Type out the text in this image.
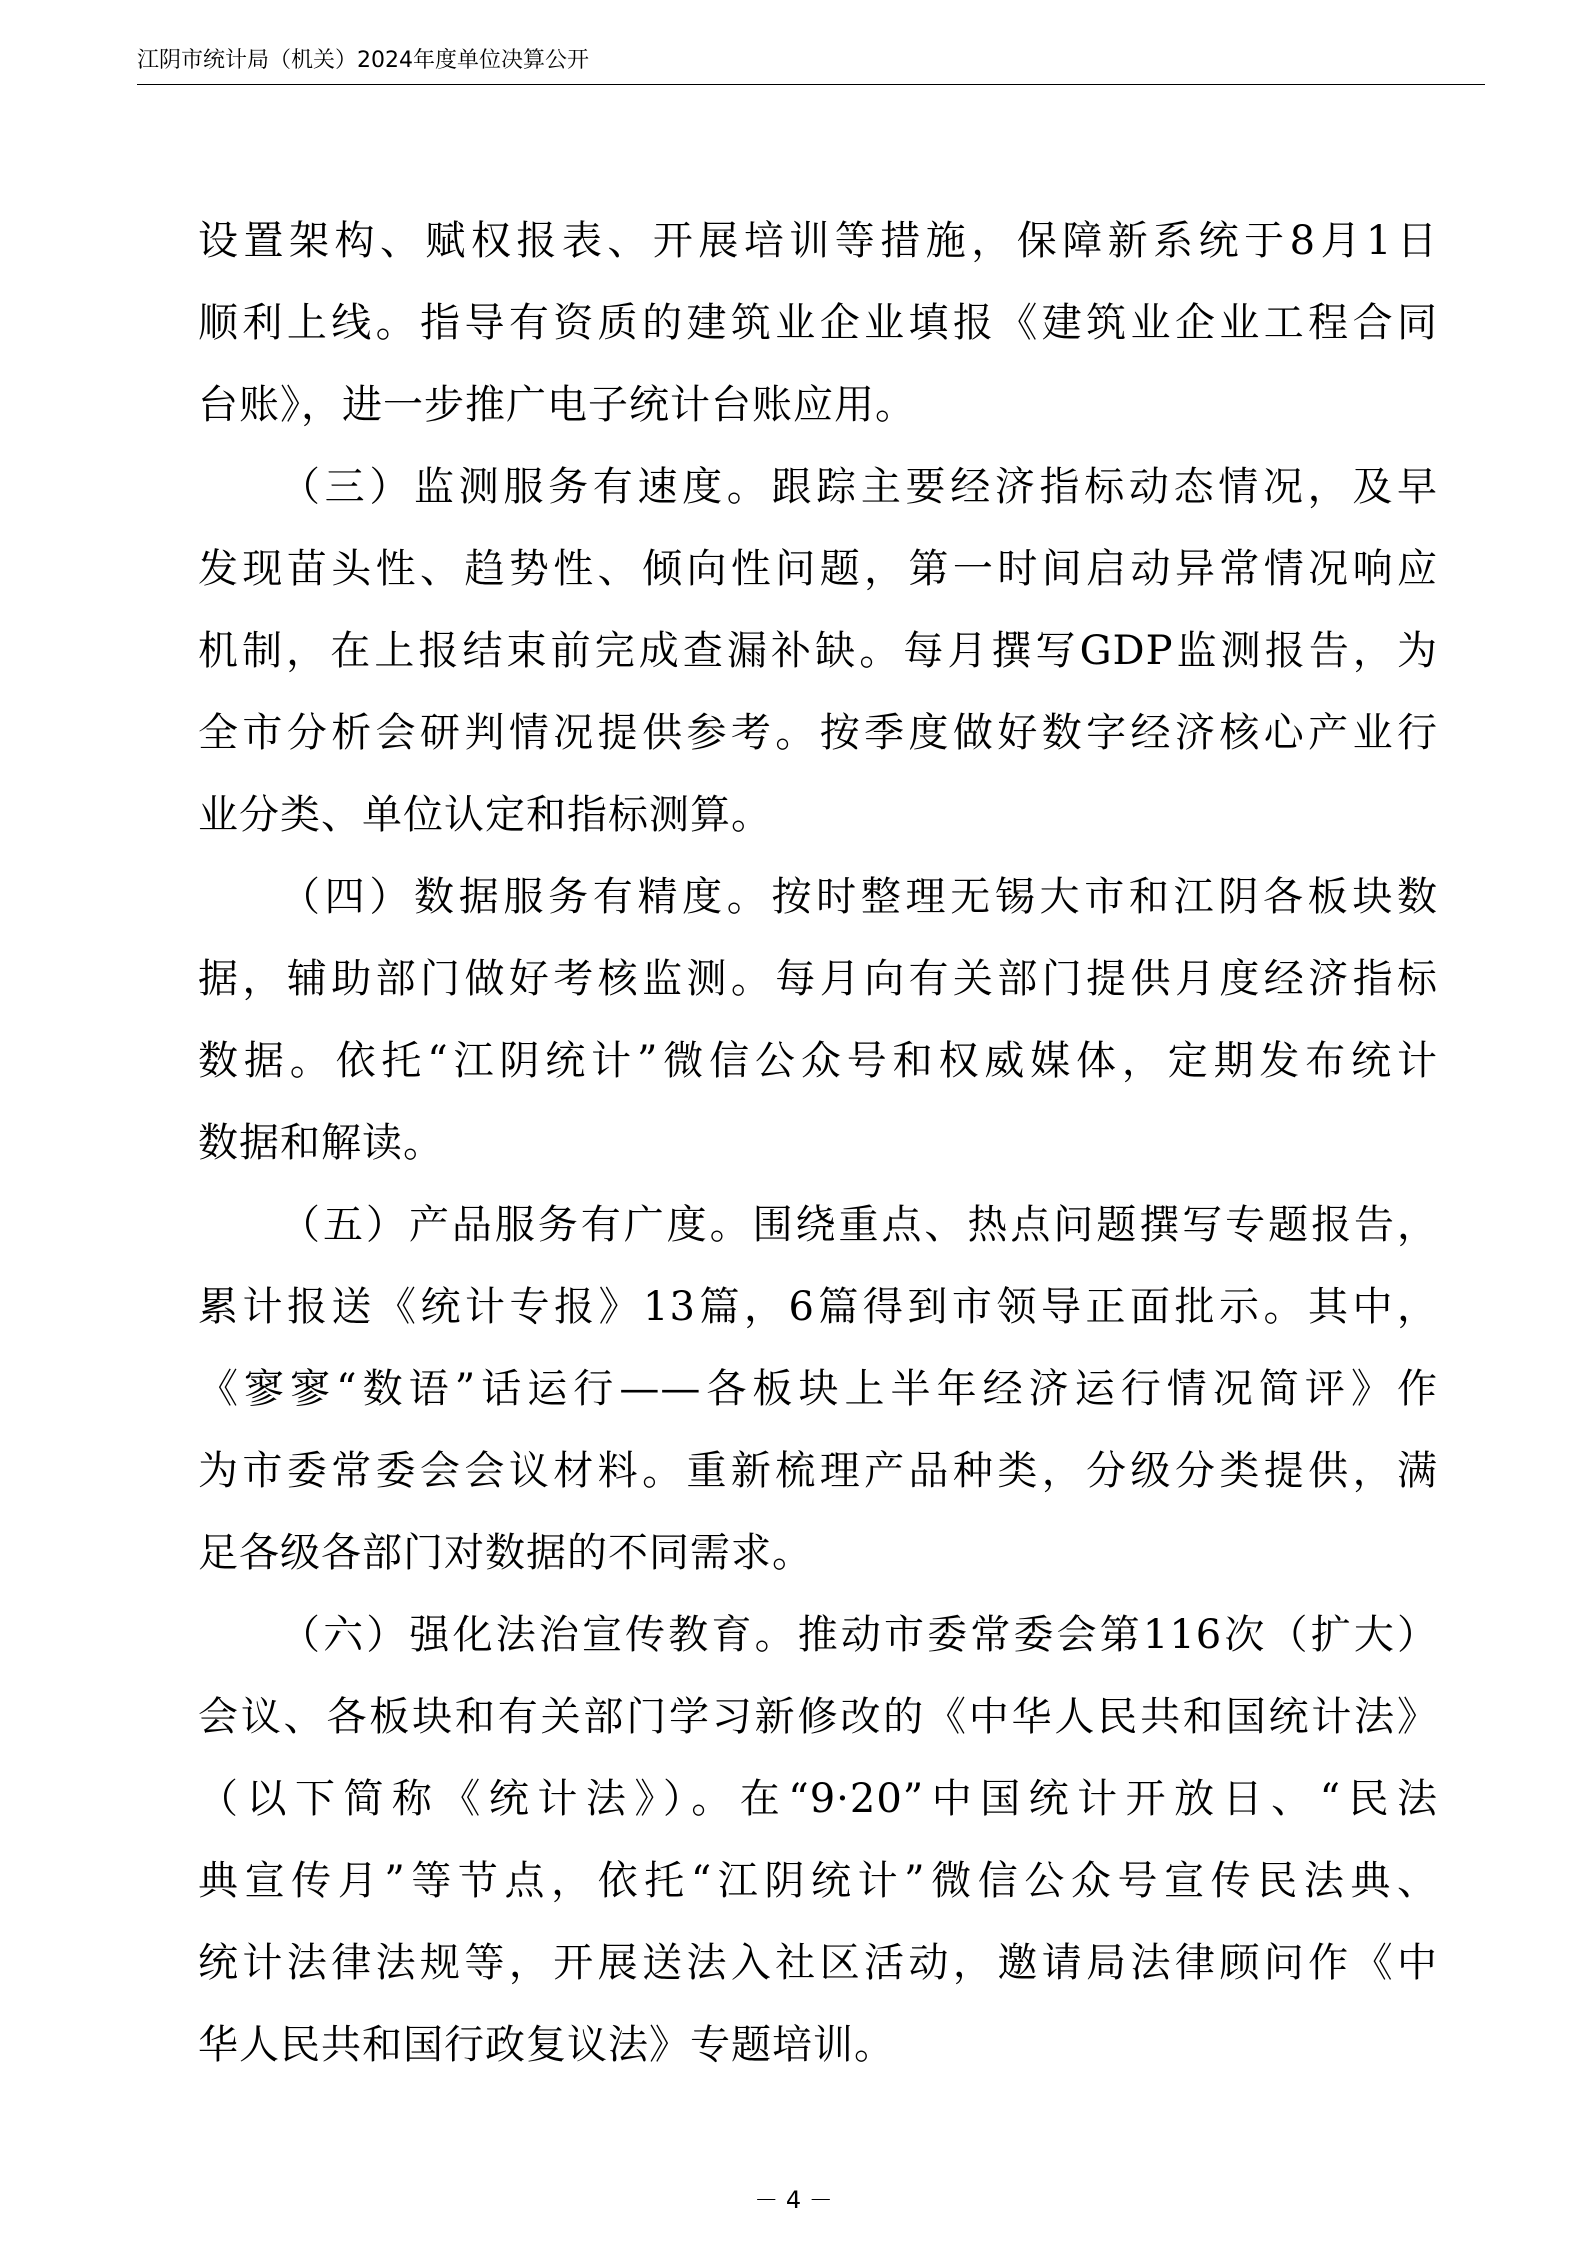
江阴市统计局（机关）2024年度单位决算公开
设置架构、赋权报表、开展培训等措施，保障新系统于8月1日
顺利上线。指导有资质的建筑业企业填报《建筑业企业工程合同
台账》，进一步推广电子统计台账应用。
（三）监测服务有速度。跟踪主要经济指标动态情况，及早
发现苗头性、趋势性、倾向性问题，第一时间启动异常情况响应
机制，在上报结束前完成查漏补缺。每月撰写GDP监测报告，为
全市分析会研判情况提供参考。按季度做好数字经济核心产业行
业分类、单位认定和指标测算。
（四）数据服务有精度。按时整理无锡大市和江阴各板块数
据，辅助部门做好考核监测。每月向有关部门提供月度经济指标
数据。依托“江阴统计”微信公众号和权威媒体，定期发布统计
数据和解读。
（五）产品服务有广度。围绕重点、热点问题撰写专题报告，
累计报送《统计专报》13篇，6篇得到市领导正面批示。其中，
《寥寥“数语”话运行——各板块上半年经济运行情况简评》作
为市委常委会会议材料。重新梳理产品种类，分级分类提供，满
足各级各部门对数据的不同需求。
（六）强化法治宣传教育。推动市委常委会第116次（扩大）
会议、各板块和有关部门学习新修改的《中华人民共和国统计法》
（以下简称《统计法》）。在“9·20”中国统计开放日、“民法
典宣传月”等节点，依托“江阴统计”微信公众号宣传民法典、
统计法律法规等，开展送法入社区活动，邀请局法律顾问作《中
华人民共和国行政复议法》专题培训。
－ 4 －
